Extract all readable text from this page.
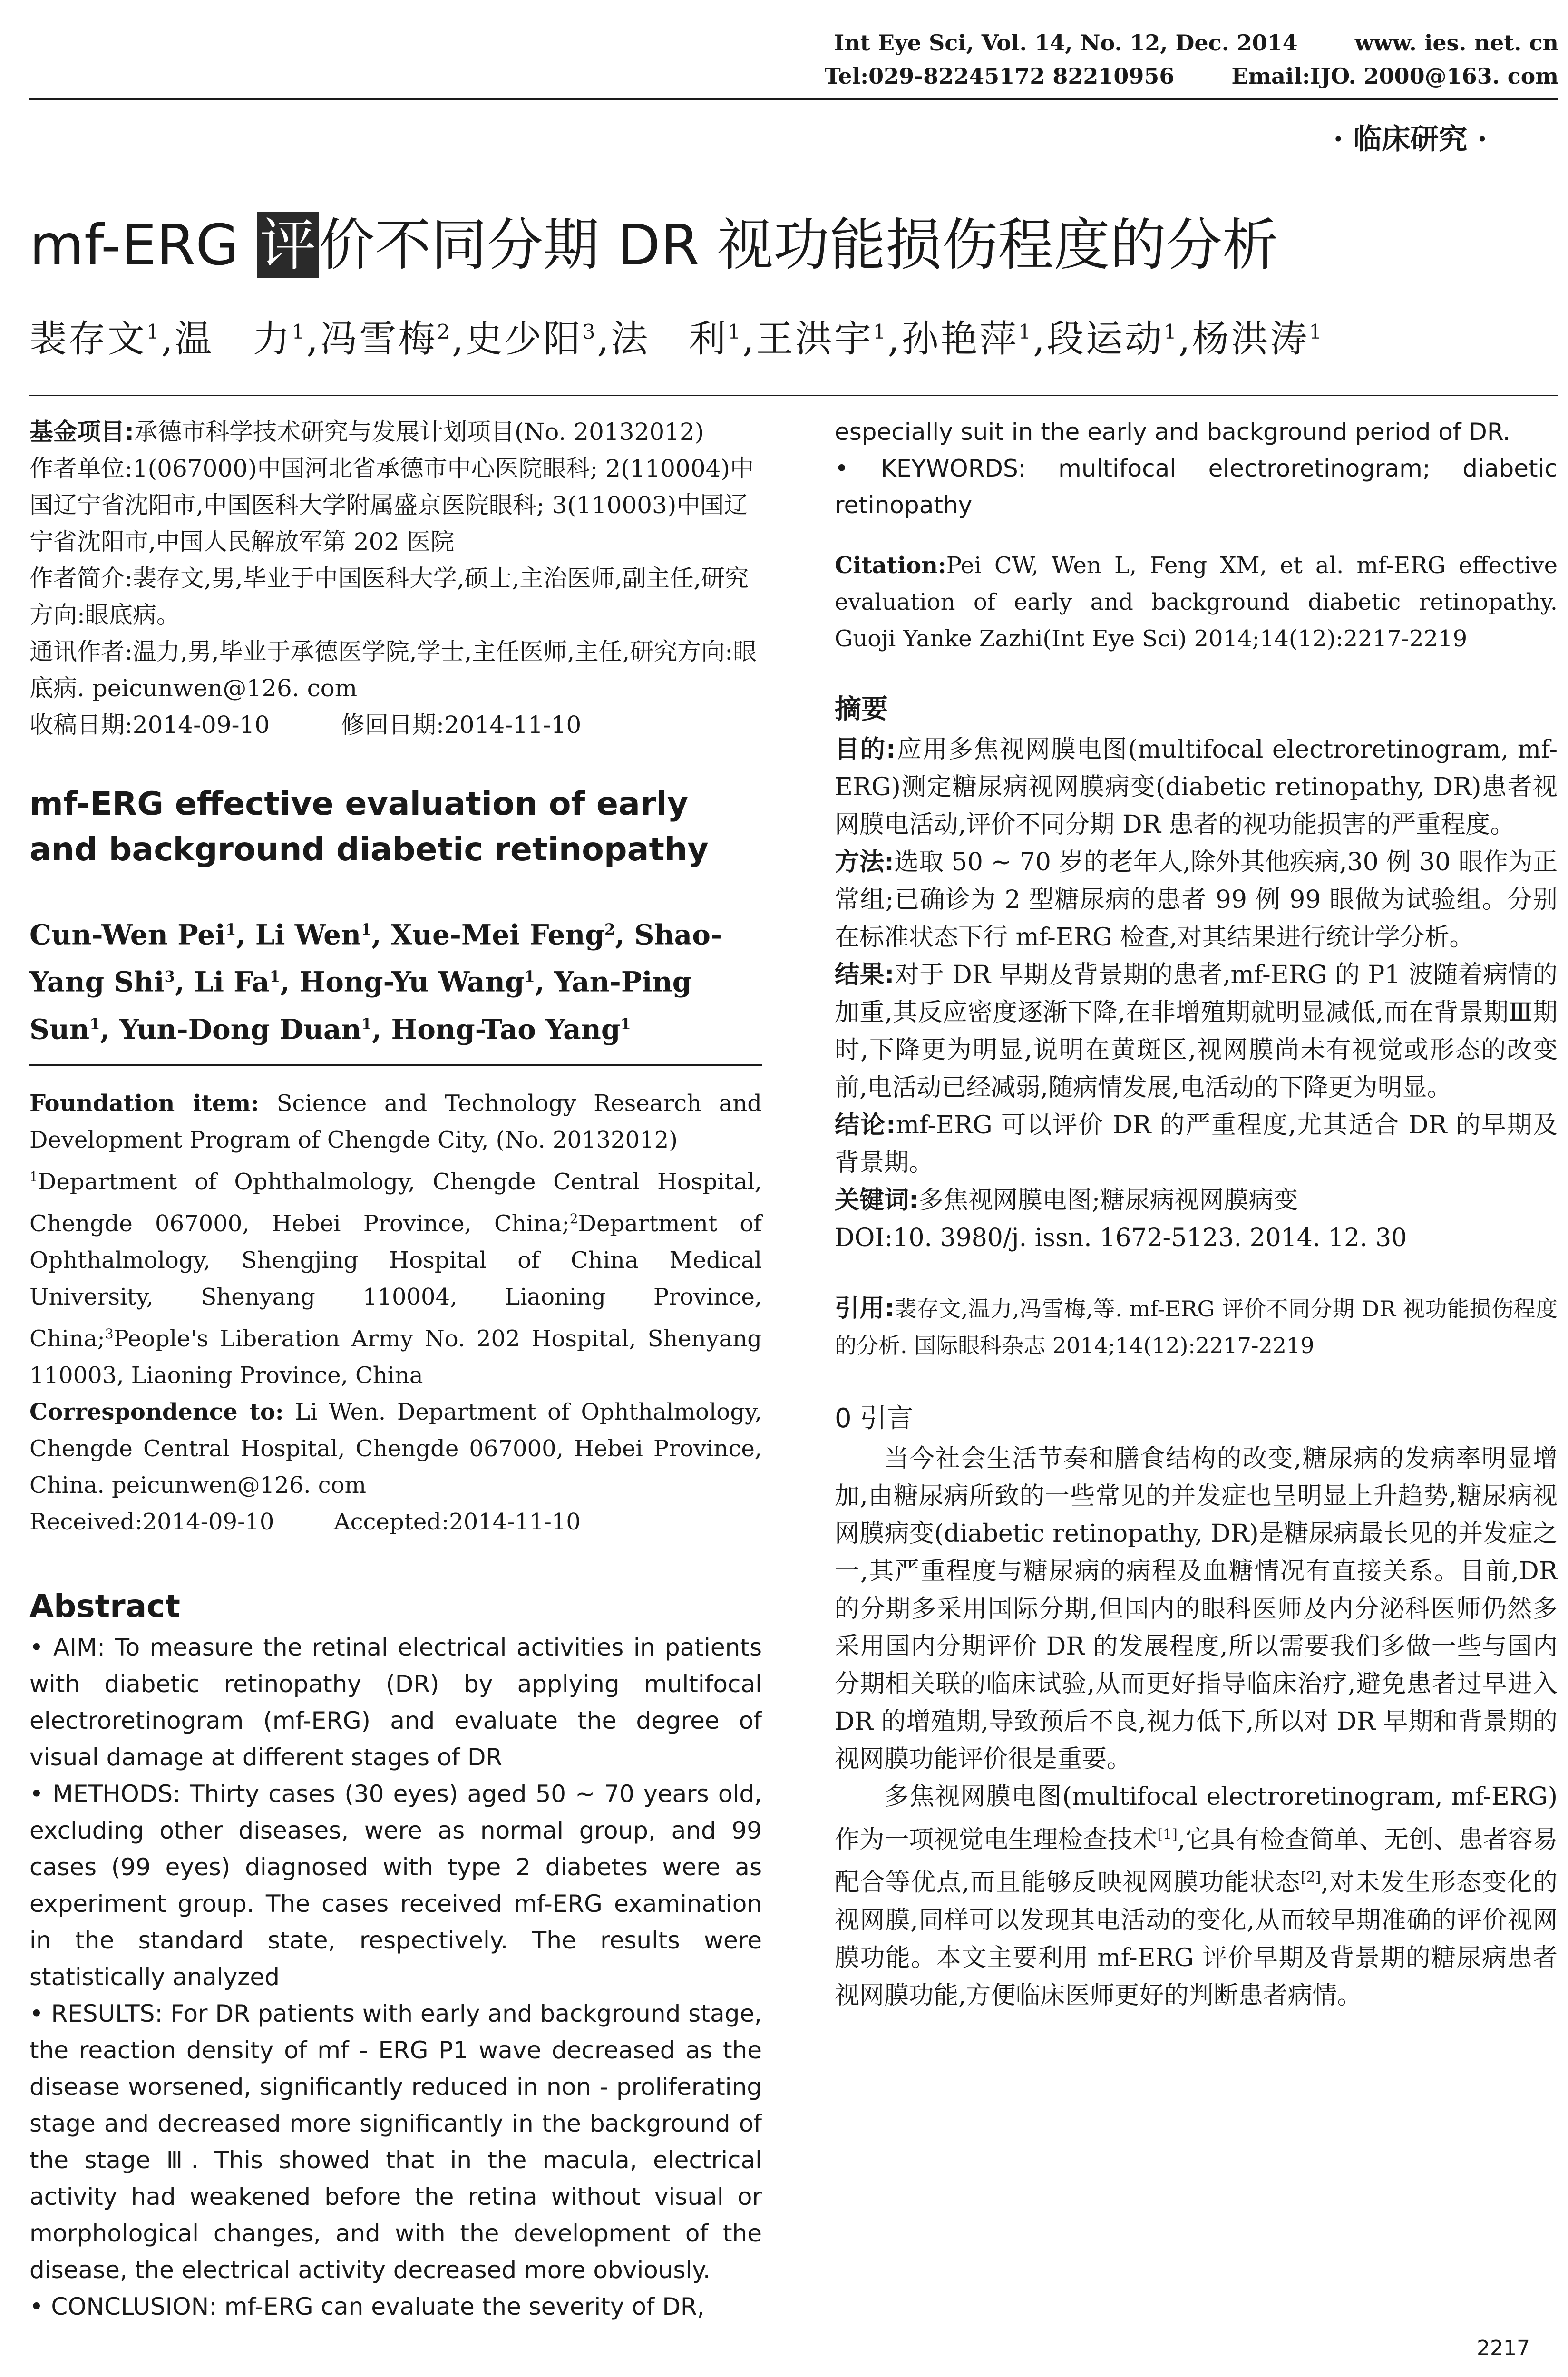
Int Eye Sci, Vol. 14, No. 12, Dec. 2014	www. ies. net. cn
Tel:029-82245172 82210956	Email:IJO. 2000@163. com
· 临床研究 ·
mf-ERG 评价不同分期 DR 视功能损伤程度的分析
裴存文$^1$,温　力$^1$,冯雪梅$^2$,史少阳$^3$,法　利$^1$,王洪宇$^1$,孙艳萍$^1$,段运动$^1$,杨洪涛$^1$

基金项目:承德市科学技术研究与发展计划项目(No. 20132012)

作者单位:1(067000)中国河北省承德市中心医院眼科; 2(110004)中国辽宁省沈阳市,中国医科大学附属盛京医院眼科; 3(110003)中国辽宁省沈阳市,中国人民解放军第 202 医院

作者简介:裴存文,男,毕业于中国医科大学,硕士,主治医师,副主任,研究方向:眼底病。

通讯作者:温力,男,毕业于承德医学院,学士,主任医师,主任,研究方向:眼底病. peicunwen@126. com

收稿日期:2014-09-10　　　	修回日期:2014-11-10

mf-ERG effective evaluation of early and background diabetic retinopathy
Cun-Wen Pei$^1$, Li Wen$^1$, Xue-Mei Feng$^2$, Shao-Yang Shi$^3$, Li Fa$^1$, Hong-Yu Wang$^1$, Yan-Ping Sun$^1$, Yun-Dong Duan$^1$, Hong-Tao Yang$^1$

Foundation item: Science and Technology Research and Development Program of Chengde City, (No. 20132012)

$^1$Department of Ophthalmology, Chengde Central Hospital, Chengde 067000, Hebei Province, China;$^2$Department of Ophthalmology, Shengjing Hospital of China Medical University, Shenyang 110004, Liaoning Province, China;$^3$People's Liberation Army No. 202 Hospital, Shenyang 110003, Liaoning Province, China

Correspondence to: Li Wen. Department of Ophthalmology, Chengde Central Hospital, Chengde 067000, Hebei Province, China. peicunwen@126. com

Received:2014-09-10	Accepted:2014-11-10
Abstract

• AIM: To measure the retinal electrical activities in patients with diabetic retinopathy (DR) by applying multifocal electroretinogram (mf-ERG) and evaluate the degree of visual damage at different stages of DR

• METHODS: Thirty cases (30 eyes) aged 50 ~ 70 years old, excluding other diseases, were as normal group, and 99 cases (99 eyes) diagnosed with type 2 diabetes were as experiment group. The cases received mf-ERG examination in the standard state, respectively. The results were statistically analyzed

• RESULTS: For DR patients with early and background stage, the reaction density of mf - ERG P1 wave decreased as the disease worsened, significantly reduced in non - proliferating stage and decreased more significantly in the background of the stage Ⅲ. This showed that in the macula, electrical activity had weakened before the retina without visual or morphological changes, and with the development of the disease, the electrical activity decreased more obviously.

• CONCLUSION: mf-ERG can evaluate the severity of DR,

especially suit in the early and background period of DR.

• KEYWORDS: multifocal electroretinogram; diabetic retinopathy

Citation:Pei CW, Wen L, Feng XM, et al. mf-ERG effective evaluation of early and background diabetic retinopathy. Guoji Yanke Zazhi(Int Eye Sci) 2014;14(12):2217-2219
摘要

目的:应用多焦视网膜电图(multifocal electroretinogram, mf-ERG)测定糖尿病视网膜病变(diabetic retinopathy, DR)患者视网膜电活动,评价不同分期 DR 患者的视功能损害的严重程度。

方法:选取 50 ~ 70 岁的老年人,除外其他疾病,30 例 30 眼作为正常组;已确诊为 2 型糖尿病的患者 99 例 99 眼做为试验组。分别在标准状态下行 mf-ERG 检查,对其结果进行统计学分析。

结果:对于 DR 早期及背景期的患者,mf-ERG 的 P1 波随着病情的加重,其反应密度逐渐下降,在非增殖期就明显减低,而在背景期Ⅲ期时,下降更为明显,说明在黄斑区,视网膜尚未有视觉或形态的改变前,电活动已经减弱,随病情发展,电活动的下降更为明显。

结论:mf-ERG 可以评价 DR 的严重程度,尤其适合 DR 的早期及背景期。

关键词:多焦视网膜电图;糖尿病视网膜病变

DOI:10. 3980/j. issn. 1672-5123. 2014. 12. 30

引用:裴存文,温力,冯雪梅,等. mf-ERG 评价不同分期 DR 视功能损伤程度的分析. 国际眼科杂志 2014;14(12):2217-2219
0 引言

当今社会生活节奏和膳食结构的改变,糖尿病的发病率明显增加,由糖尿病所致的一些常见的并发症也呈明显上升趋势,糖尿病视网膜病变(diabetic retinopathy, DR)是糖尿病最长见的并发症之一,其严重程度与糖尿病的病程及血糖情况有直接关系。目前,DR 的分期多采用国际分期,但国内的眼科医师及内分泌科医师仍然多采用国内分期评价 DR 的发展程度,所以需要我们多做一些与国内分期相关联的临床试验,从而更好指导临床治疗,避免患者过早进入 DR 的增殖期,导致预后不良,视力低下,所以对 DR 早期和背景期的视网膜功能评价很是重要。

多焦视网膜电图(multifocal electroretinogram, mf-ERG)作为一项视觉电生理检查技术[1],它具有检查简单、无创、患者容易配合等优点,而且能够反映视网膜功能状态[2],对未发生形态变化的视网膜,同样可以发现其电活动的变化,从而较早期准确的评价视网膜功能。本文主要利用 mf-ERG 评价早期及背景期的糖尿病患者视网膜功能,方便临床医师更好的判断患者病情。

2217
